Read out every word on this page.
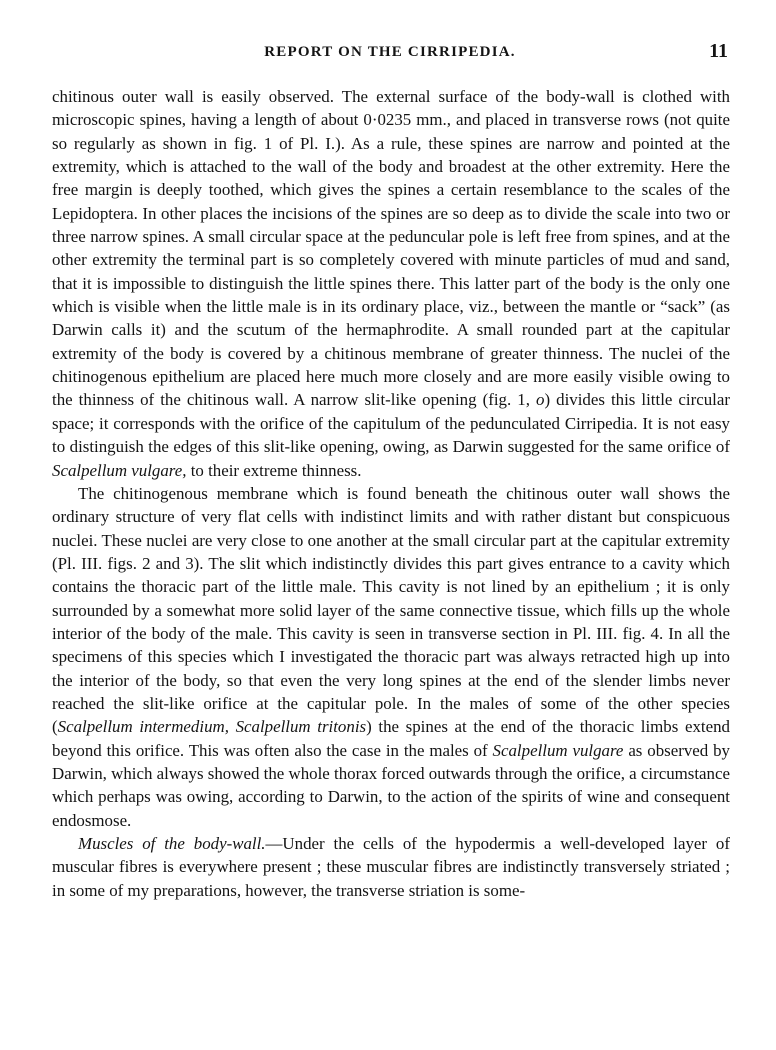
REPORT ON THE CIRRIPEDIA.	11

chitinous outer wall is easily observed. The external surface of the body-wall is clothed with microscopic spines, having a length of about 0·0235 mm., and placed in transverse rows (not quite so regularly as shown in fig. 1 of Pl. I.). As a rule, these spines are narrow and pointed at the extremity, which is attached to the wall of the body and broadest at the other extremity. Here the free margin is deeply toothed, which gives the spines a certain resemblance to the scales of the Lepidoptera. In other places the incisions of the spines are so deep as to divide the scale into two or three narrow spines. A small circular space at the peduncular pole is left free from spines, and at the other extremity the terminal part is so completely covered with minute particles of mud and sand, that it is impossible to distinguish the little spines there. This latter part of the body is the only one which is visible when the little male is in its ordinary place, viz., between the mantle or “sack” (as Darwin calls it) and the scutum of the hermaphrodite. A small rounded part at the capitular extremity of the body is covered by a chitinous membrane of greater thinness. The nuclei of the chitinogenous epithelium are placed here much more closely and are more easily visible owing to the thinness of the chitinous wall. A narrow slit-like opening (fig. 1, o) divides this little circular space; it corresponds with the orifice of the capitulum of the pedunculated Cirripedia. It is not easy to distinguish the edges of this slit-like opening, owing, as Darwin suggested for the same orifice of Scalpellum vulgare, to their extreme thinness.

The chitinogenous membrane which is found beneath the chitinous outer wall shows the ordinary structure of very flat cells with indistinct limits and with rather distant but conspicuous nuclei. These nuclei are very close to one another at the small circular part at the capitular extremity (Pl. III. figs. 2 and 3). The slit which indistinctly divides this part gives entrance to a cavity which contains the thoracic part of the little male. This cavity is not lined by an epithelium ; it is only surrounded by a somewhat more solid layer of the same connective tissue, which fills up the whole interior of the body of the male. This cavity is seen in transverse section in Pl. III. fig. 4. In all the specimens of this species which I investigated the thoracic part was always retracted high up into the interior of the body, so that even the very long spines at the end of the slender limbs never reached the slit-like orifice at the capitular pole. In the males of some of the other species (Scalpellum intermedium, Scalpellum tritonis) the spines at the end of the thoracic limbs extend beyond this orifice. This was often also the case in the males of Scalpellum vulgare as observed by Darwin, which always showed the whole thorax forced outwards through the orifice, a circumstance which perhaps was owing, according to Darwin, to the action of the spirits of wine and consequent endosmose.

Muscles of the body-wall.—Under the cells of the hypodermis a well-developed layer of muscular fibres is everywhere present ; these muscular fibres are indistinctly transversely striated ; in some of my preparations, however, the transverse striation is some-
